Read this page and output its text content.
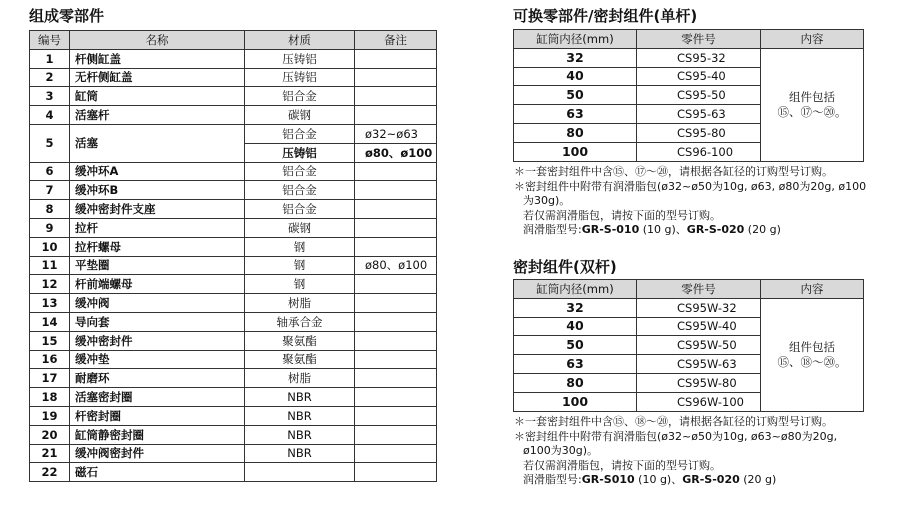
组成零部件
编号	名称	材质	备注
1	杆侧缸盖	压铸铝	
2	无杆侧缸盖	压铸铝	
3	缸筒	铝合金	
4	活塞杆	碳钢	
5	活塞	铝合金	ø32~ø63
		压铸铝	ø80、ø100
6	缓冲环A	铝合金	
7	缓冲环B	铝合金	
8	缓冲密封件支座	铝合金	
9	拉杆	碳钢	
10	拉杆螺母	钢	
11	平垫圈	钢	ø80、ø100
12	杆前端螺母	钢	
13	缓冲阀	树脂	
14	导向套	轴承合金	
15	缓冲密封件	聚氨酯	
16	缓冲垫	聚氨酯	
17	耐磨环	树脂	
18	活塞密封圈	NBR	
19	杆密封圈	NBR	
20	缸筒静密封圈	NBR	
21	缓冲阀密封件	NBR	
22	磁石		
可换零部件/密封组件(单杆)
缸筒内径(mm)	零件号	内容
32	CS95-32	组件包括
⑮、⑰～⑳。
40	CS95-40	
50	CS95-50	
63	CS95-63	
80	CS95-80	
100	CS96-100	

＊一套密封组件中含⑮、⑰～⑳，请根据各缸径的订购型号订购。

＊密封组件中附带有润滑脂包(ø32~ø50为10g, ø63, ø80为20g, ø100

为30g)。

若仅需润滑脂包，请按下面的型号订购。

润滑脂型号:GR-S-010 (10 g)、GR-S-020 (20 g)

密封组件(双杆)
缸筒内径(mm)	零件号	内容
32	CS95W-32	组件包括
⑮、⑱～⑳。
40	CS95W-40	
50	CS95W-50	
63	CS95W-63	
80	CS95W-80	
100	CS96W-100	

＊一套密封组件中含⑮、⑱～⑳，请根据各缸径的订购型号订购。

＊密封组件中附带有润滑脂包(ø32~ø50为10g, ø63~ø80为20g,

ø100为30g)。

若仅需润滑脂包，请按下面的型号订购。

润滑脂型号:GR-S010 (10 g)、GR-S-020 (20 g)
